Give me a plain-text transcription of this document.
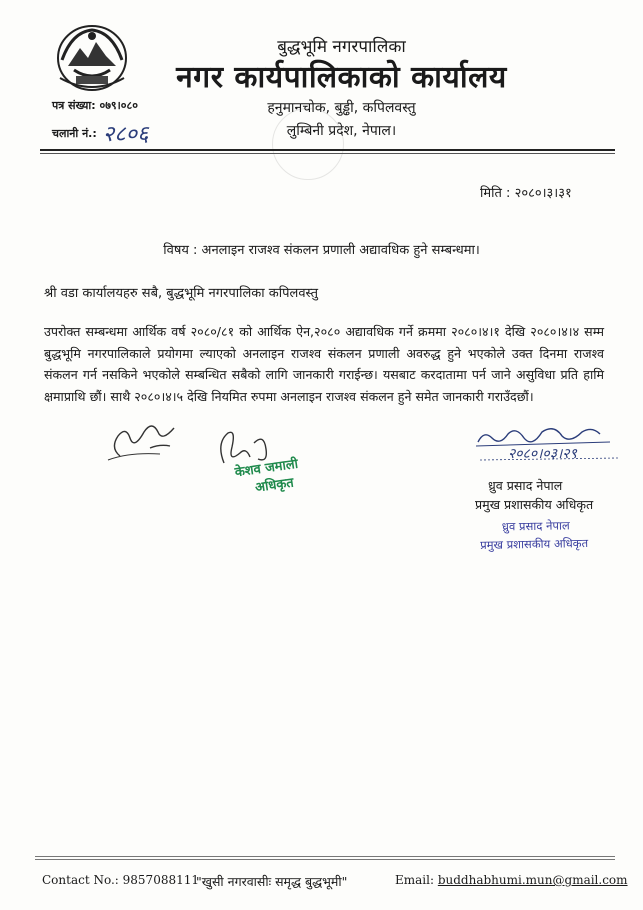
बुद्धभूमि नगरपालिका
नगर कार्यपालिकाको कार्यालय
हनुमानचोक, बुड्ढी, कपिलवस्तु
लुम्बिनी प्रदेश, नेपाल।
पत्र संख्या: ०७९।०८०
चलानी नं.: २८०६
मिति : २०८०।३।३१
विषय : अनलाइन राजश्व संकलन प्रणाली अद्यावधिक हुने सम्बन्धमा।
श्री वडा कार्यालयहरु सबै, बुद्धभूमि नगरपालिका कपिलवस्तु
उपरोक्त सम्बन्धमा आर्थिक वर्ष २०८०/८१ को आर्थिक ऐन,२०८० अद्यावधिक गर्ने क्रममा २०८०।४।१ देखि २०८०।४।४ सम्म बुद्धभूमि नगरपालिकाले प्रयोगमा ल्याएको अनलाइन राजश्व संकलन प्रणाली अवरुद्ध हुने भएकोले उक्त दिनमा राजश्व संकलन गर्न नसकिने भएकोले सम्बन्धित सबैको लागि जानकारी गराईन्छ। यसबाट करदातामा पर्न जाने असुविधा प्रति हामि क्षमाप्राथि छौं। साथै २०८०।४।५ देखि नियमित रुपमा अनलाइन राजश्व संकलन हुने समेत जानकारी गराउँदछौं।
केशव जमाली
अधिकृत
२०८०।०३।२९
ध्रुव प्रसाद नेपाल
प्रमुख प्रशासकीय अधिकृत
ध्रुव प्रसाद नेपाल
प्रमुख प्रशासकीय अधिकृत
Contact No.: 9857088111
"खुसी नगरवासीः समृद्ध बुद्धभूमी"	Email: buddhabhumi.mun@gmail.com
